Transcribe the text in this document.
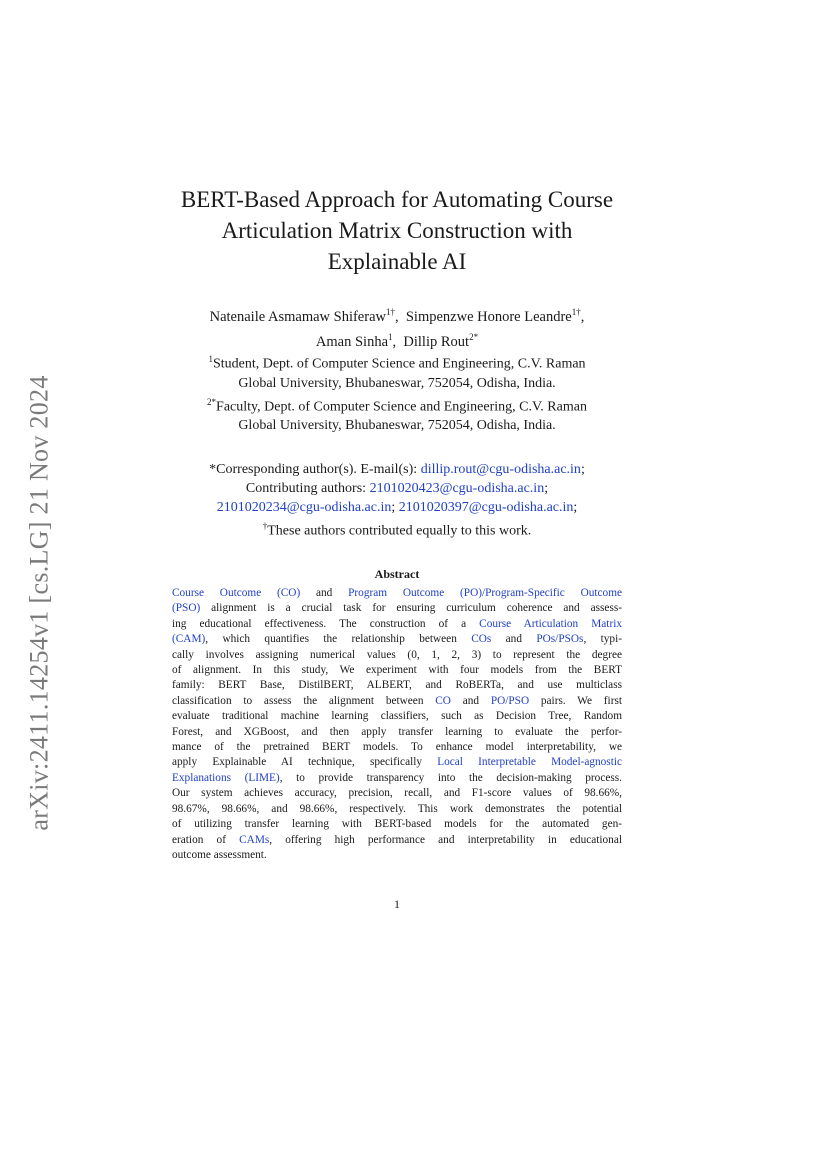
arXiv:2411.14254v1 [cs.LG] 21 Nov 2024
BERT-Based Approach for Automating Course
Articulation Matrix Construction with
Explainable AI
Natenaile Asmamaw Shiferaw$^{1\dagger}$,  Simpenzwe Honore Leandre$^{1\dagger}$,
Aman Sinha$^1$,  Dillip Rout$^{2*}$
$^1$Student, Dept. of Computer Science and Engineering, C.V. Raman
Global University, Bhubaneswar, 752054, Odisha, India.
$^{2*}$Faculty, Dept. of Computer Science and Engineering, C.V. Raman
Global University, Bhubaneswar, 752054, Odisha, India.
*Corresponding author(s). E-mail(s): dillip.rout@cgu-odisha.ac.in;
Contributing authors: 2101020423@cgu-odisha.ac.in;
2101020234@cgu-odisha.ac.in; 2101020397@cgu-odisha.ac.in;
†These authors contributed equally to this work.
Abstract
Course Outcome (CO) and Program Outcome (PO)/Program-Specific Outcome
(PSO) alignment is a crucial task for ensuring curriculum coherence and assess-
ing educational effectiveness. The construction of a Course Articulation Matrix
(CAM), which quantifies the relationship between COs and POs/PSOs, typi-
cally involves assigning numerical values (0, 1, 2, 3) to represent the degree
of alignment. In this study, We experiment with four models from the BERT
family: BERT Base, DistilBERT, ALBERT, and RoBERTa, and use multiclass
classification to assess the alignment between CO and PO/PSO pairs. We first
evaluate traditional machine learning classifiers, such as Decision Tree, Random
Forest, and XGBoost, and then apply transfer learning to evaluate the perfor-
mance of the pretrained BERT models. To enhance model interpretability, we
apply Explainable AI technique, specifically Local Interpretable Model-agnostic
Explanations (LIME), to provide transparency into the decision-making process.
Our system achieves accuracy, precision, recall, and F1-score values of 98.66%,
98.67%, 98.66%, and 98.66%, respectively. This work demonstrates the potential
of utilizing transfer learning with BERT-based models for the automated gen-
eration of CAMs, offering high performance and interpretability in educational
outcome assessment.
1
